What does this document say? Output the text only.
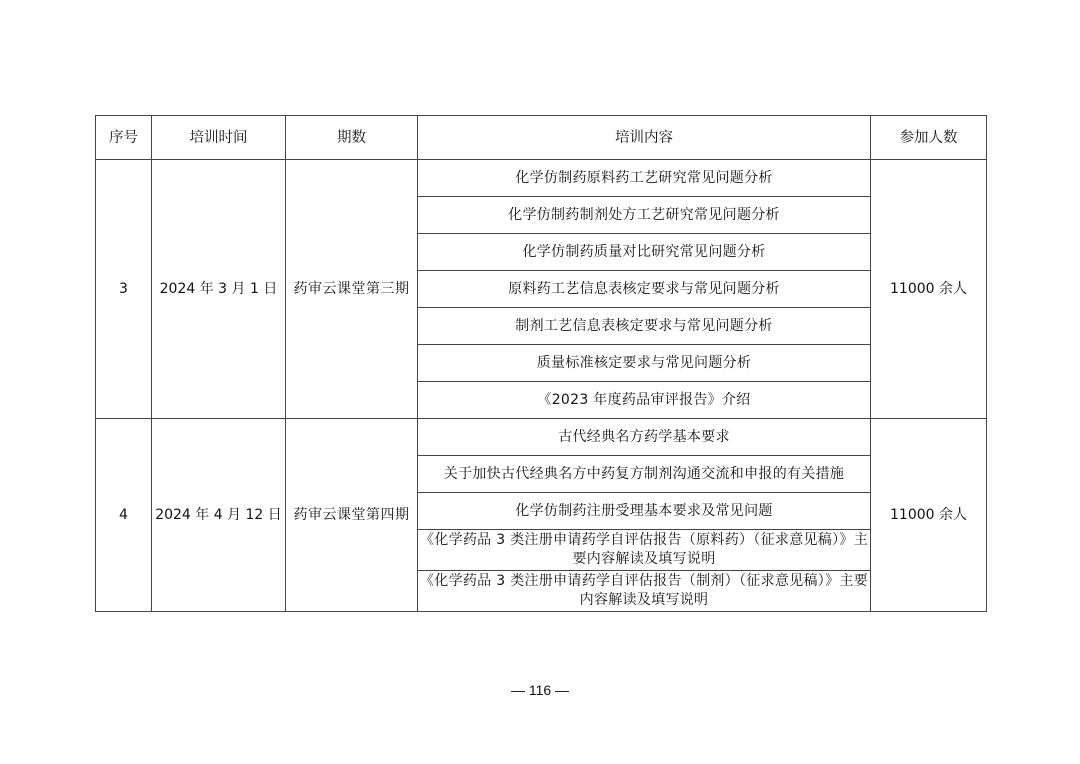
序号	培训时间	期数	培训内容	参加人数
3	2024 年 3 月 1 日	药审云课堂第三期	化学仿制药原料药工艺研究常见问题分析	11000 余人
			化学仿制药制剂处方工艺研究常见问题分析	
			化学仿制药质量对比研究常见问题分析	
			原料药工艺信息表核定要求与常见问题分析	
			制剂工艺信息表核定要求与常见问题分析	
			质量标准核定要求与常见问题分析	
			《2023 年度药品审评报告》介绍	
4	2024 年 4 月 12 日	药审云课堂第四期	古代经典名方药学基本要求	11000 余人
			关于加快古代经典名方中药复方制剂沟通交流和申报的有关措施	
			化学仿制药注册受理基本要求及常见问题	
			《化学药品 3 类注册申请药学自评估报告（原料药）（征求意见稿）》主要内容解读及填写说明	
			《化学药品 3 类注册申请药学自评估报告（制剂）（征求意见稿）》主要内容解读及填写说明	
— 116 —
